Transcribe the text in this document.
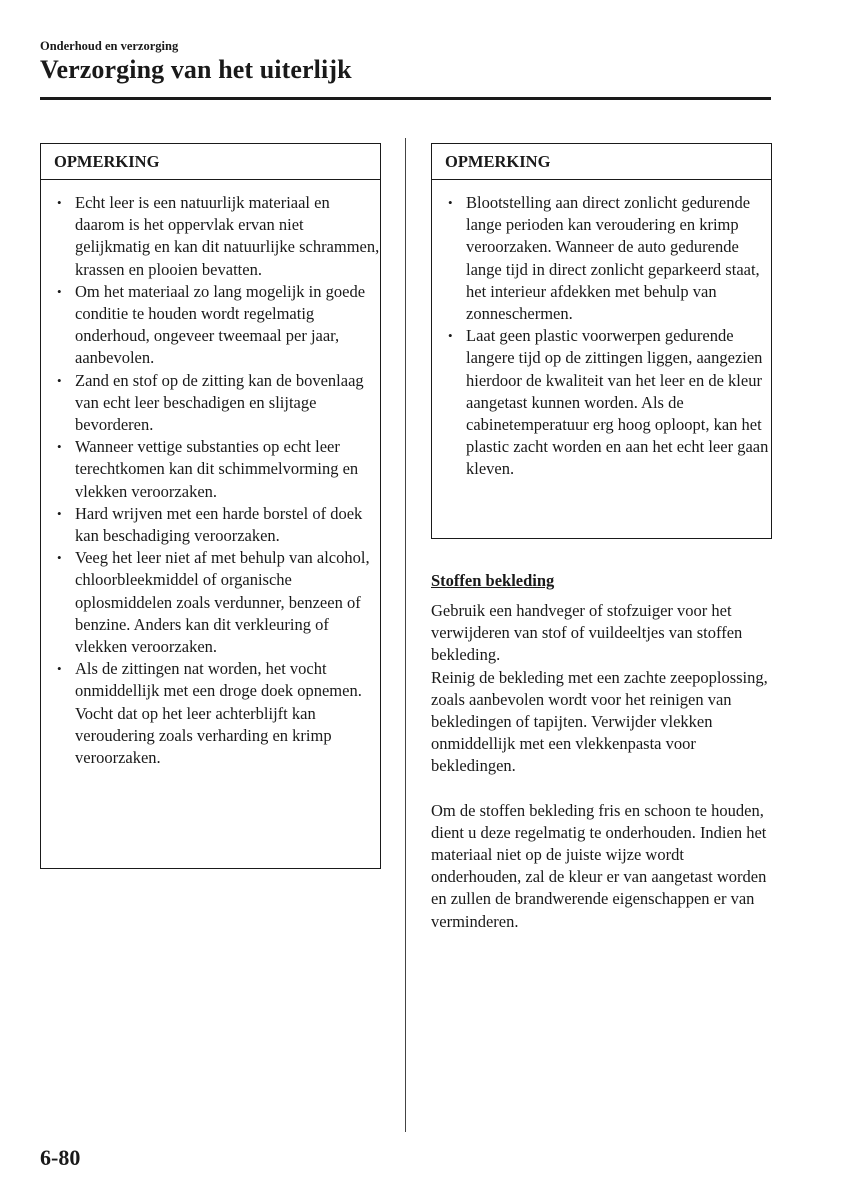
Onderhoud en verzorging
Verzorging van het uiterlijk
OPMERKING
• Echt leer is een natuurlijk materiaal en daarom is het oppervlak ervan niet gelijkmatig en kan dit natuurlijke schrammen, krassen en plooien bevatten.
• Om het materiaal zo lang mogelijk in goede conditie te houden wordt regelmatig onderhoud, ongeveer tweemaal per jaar, aanbevolen.
• Zand en stof op de zitting kan de bovenlaag van echt leer beschadigen en slijtage bevorderen.
• Wanneer vettige substanties op echt leer terechtkomen kan dit schimmelvorming en vlekken veroorzaken.
• Hard wrijven met een harde borstel of doek kan beschadiging veroorzaken.
• Veeg het leer niet af met behulp van alcohol, chloorbleekmiddel of organische oplosmiddelen zoals verdunner, benzeen of benzine. Anders kan dit verkleuring of vlekken veroorzaken.
• Als de zittingen nat worden, het vocht onmiddellijk met een droge doek opnemen. Vocht dat op het leer achterblijft kan veroudering zoals verharding en krimp veroorzaken.
OPMERKING
• Blootstelling aan direct zonlicht gedurende lange perioden kan veroudering en krimp veroorzaken. Wanneer de auto gedurende lange tijd in direct zonlicht geparkeerd staat, het interieur afdekken met behulp van zonneschermen.
• Laat geen plastic voorwerpen gedurende langere tijd op de zittingen liggen, aangezien hierdoor de kwaliteit van het leer en de kleur aangetast kunnen worden. Als de cabinetemperatuur erg hoog oploopt, kan het plastic zacht worden en aan het echt leer gaan kleven.

Stoffen bekleding

Gebruik een handveger of stofzuiger voor het verwijderen van stof of vuildeeltjes van stoffen bekleding.

Reinig de bekleding met een zachte zeepoplossing, zoals aanbevolen wordt voor het reinigen van bekledingen of tapijten. Verwijder vlekken onmiddellijk met een vlekkenpasta voor bekledingen.

Om de stoffen bekleding fris en schoon te houden, dient u deze regelmatig te onderhouden. Indien het materiaal niet op de juiste wijze wordt onderhouden, zal de kleur er van aangetast worden en zullen de brandwerende eigenschappen er van verminderen.

6-80
